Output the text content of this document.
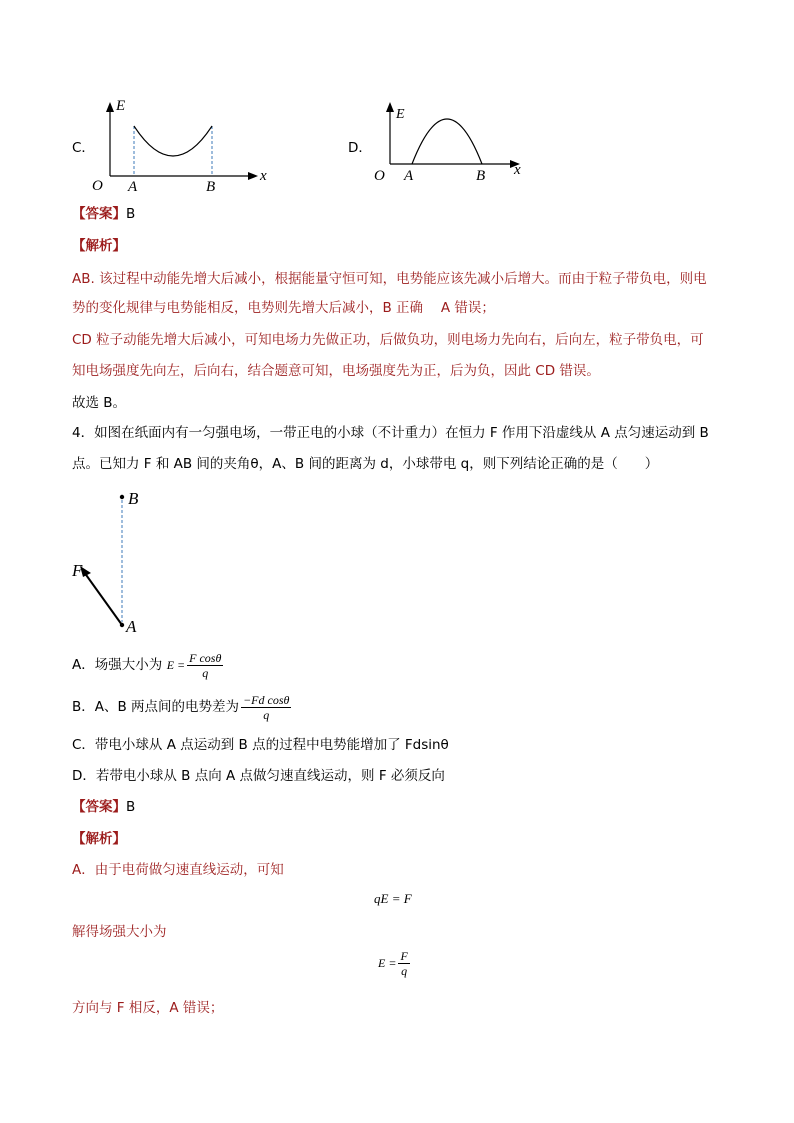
C．
E
x
O A	B
D．
E
x
O A	B
【答案】B
【解析】
AB. 该过程中动能先增大后减小，根据能量守恒可知，电势能应该先减小后增大。而由于粒子带负电，则电
势的变化规律与电势能相反，电势则先增大后减小，B 正确　 A 错误；
CD 粒子动能先增大后减小，可知电场力先做正功，后做负功，则电场力先向右，后向左，粒子带负电，可
知电场强度先向左，后向右，结合题意可知，电场强度先为正，后为负，因此 CD 错误。
故选 B。
4．如图在纸面内有一匀强电场，一带正电的小球（不计重力）在恒力 F 作用下沿虚线从 A 点匀速运动到 B
点。已知力 F 和 AB 间的夹角θ，A、B 间的距离为 d，小球带电 q，则下列结论正确的是（　　）
B
A
F
A．场强大小为 $E = \frac{\text{F cosθ}}{q}$
B．A、B 两点间的电势差为 $\frac{\text{−Fd cosθ}}{q}$
C．带电小球从 A 点运动到 B 点的过程中电势能增加了 Fdsinθ
D．若带电小球从 B 点向 A 点做匀速直线运动，则 F 必须反向
【答案】B
【解析】
A．由于电荷做匀速直线运动，可知
qE = F
解得场强大小为
$E = \frac{F}{q}$
方向与 F 相反，A 错误；
